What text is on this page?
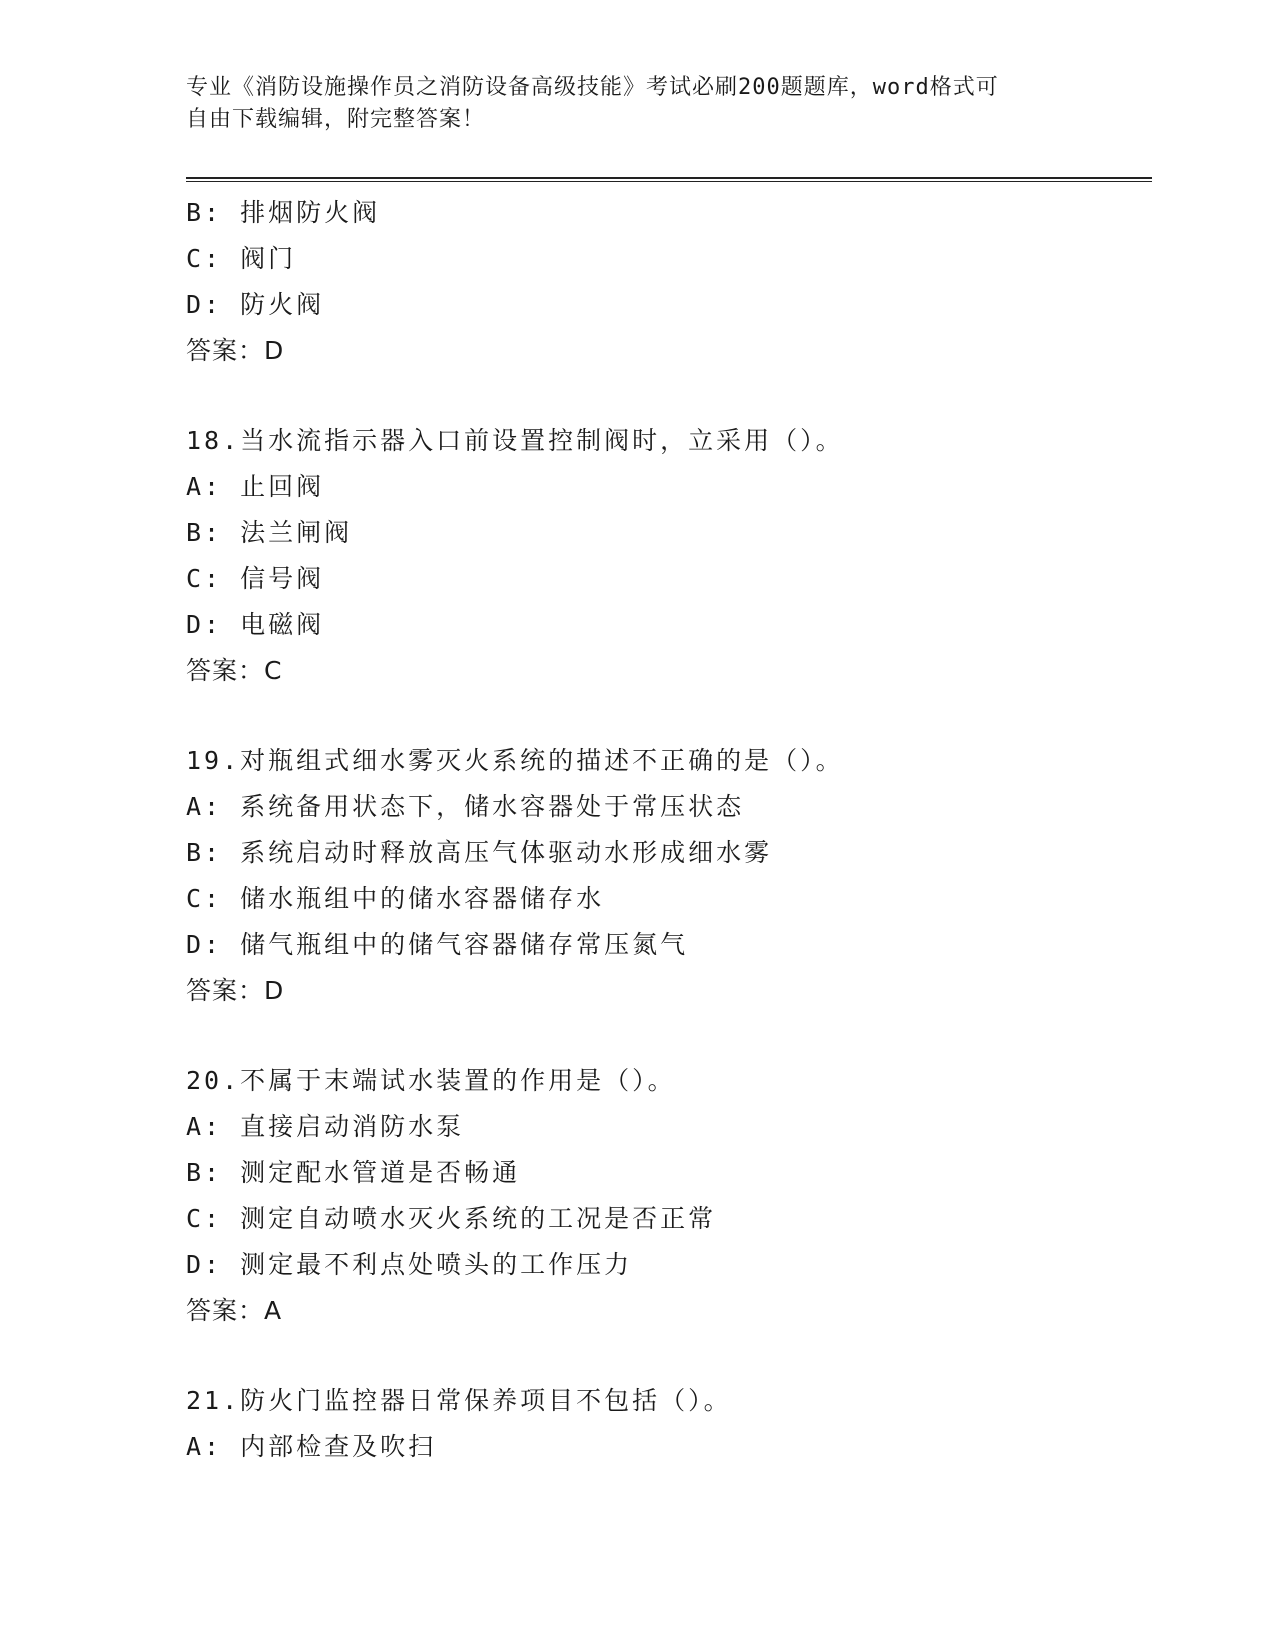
专业《消防设施操作员之消防设备高级技能》考试必刷200题题库，word格式可
自由下载编辑，附完整答案！
B: 排烟防火阀
C: 阀门
D: 防火阀
答案：D
18.当水流指示器入口前设置控制阀时，立采用（）。
A: 止回阀
B: 法兰闸阀
C: 信号阀
D: 电磁阀
答案：C
19.对瓶组式细水雾灭火系统的描述不正确的是（）。
A: 系统备用状态下，储水容器处于常压状态
B: 系统启动时释放高压气体驱动水形成细水雾
C: 储水瓶组中的储水容器储存水
D: 储气瓶组中的储气容器储存常压氮气
答案：D
20.不属于末端试水装置的作用是（）。
A: 直接启动消防水泵
B: 测定配水管道是否畅通
C: 测定自动喷水灭火系统的工况是否正常
D: 测定最不利点处喷头的工作压力
答案：A
21.防火门监控器日常保养项目不包括（）。
A: 内部检查及吹扫
